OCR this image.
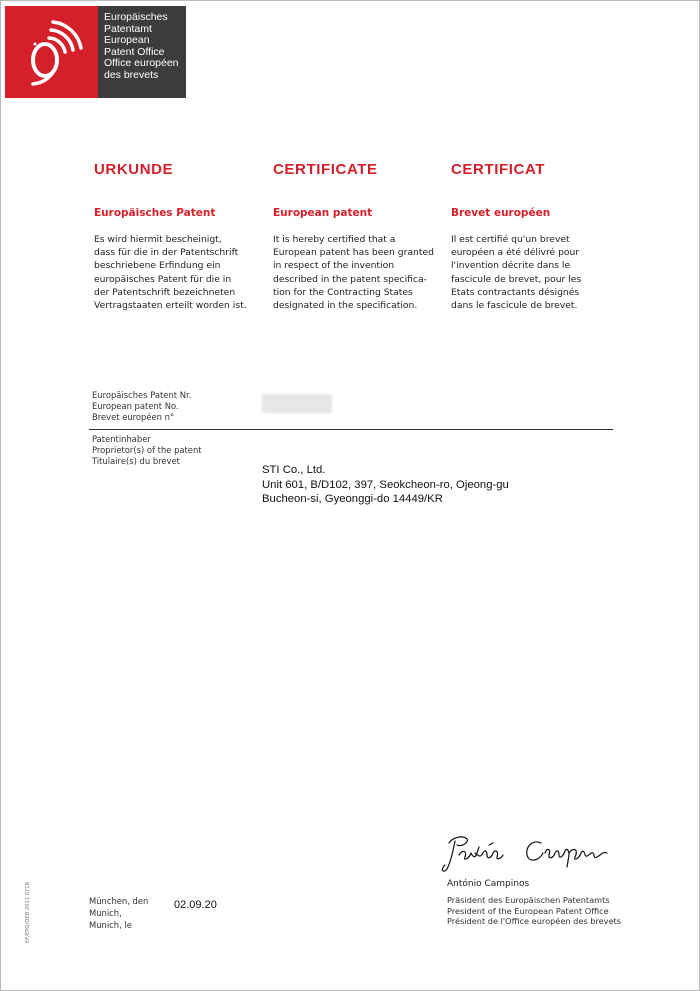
Europäisches
Patentamt
European
Patent Office
Office européen
des brevets
URKUNDE
Europäisches Patent
Es wird hiermit bescheinigt,
dass für die in der Patentschrift
beschriebene Erfindung ein
europäisches Patent für die in
der Patentschrift bezeichneten
Vertragstaaten erteilt worden ist.
CERTIFICATE
European patent
It is hereby certified that a
European patent has been granted
in respect of the invention
described in the patent specifica-
tion for the Contracting States
designated in the specification.
CERTIFICAT
Brevet européen
Il est certifié qu'un brevet
européen a été délivré pour
l'invention décrite dans le
fascicule de brevet, pour les
Etats contractants désignés
dans le fascicule de brevet.
Europäisches Patent Nr.
European patent No.
Brevet européen n°
Patentinhaber
Proprietor(s) of the patent
Titulaire(s) du brevet
STI Co., Ltd.
Unit 601, B/D102, 397, Seokcheon-ro, Ojeong-gu
Bucheon-si, Gyeonggi-do 14449/KR
München, den
Munich,
Munich, le
02.09.20
António Campinos
Präsident des Europäischen Patentamts
President of the European Patent Office
Président de l'Office européen des brevets
EF/EPO/OEB 2031 0718
